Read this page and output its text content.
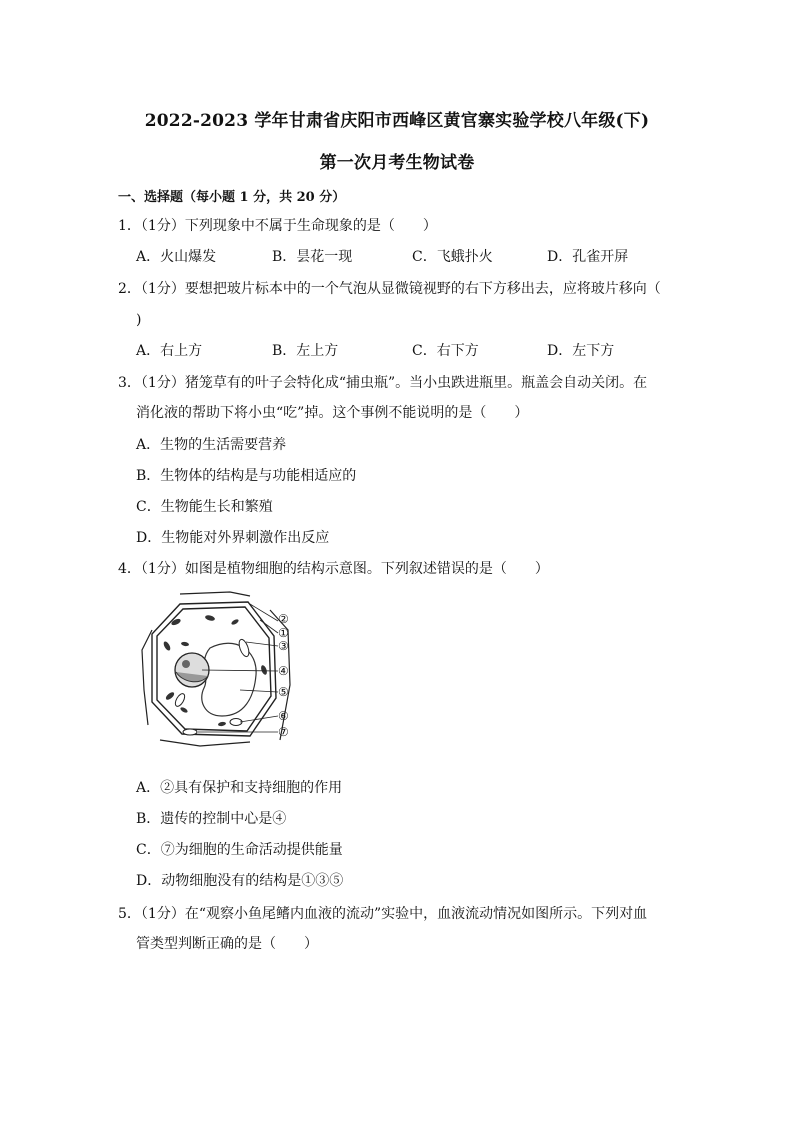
2022-2023 学年甘肃省庆阳市西峰区黄官寨实验学校八年级(下)
第一次月考生物试卷
一、选择题（每小题 1 分，共 20 分）
1．（1分）下列现象中不属于生命现象的是（　　）
A．火山爆发	B．昙花一现	C．飞蛾扑火	D．孔雀开屏
2．（1分）要想把玻片标本中的一个气泡从显微镜视野的右下方移出去，应将玻片移向（
)
A．右上方	B．左上方	C．右下方	D．左下方
3．（1分）猪笼草有的叶子会特化成“捕虫瓶”。当小虫跌进瓶里。瓶盖会自动关闭。在
消化液的帮助下将小虫“吃”掉。这个事例不能说明的是（　　）
A．生物的生活需要营养
B．生物体的结构是与功能相适应的
C．生物能生长和繁殖
D．生物能对外界刺激作出反应
4．（1分）如图是植物细胞的结构示意图。下列叙述错误的是（　　）
②
①
③
④
⑤
⑥
⑦
A．②具有保护和支持细胞的作用
B．遗传的控制中心是④
C．⑦为细胞的生命活动提供能量
D．动物细胞没有的结构是①③⑤
5．（1分）在“观察小鱼尾鳍内血液的流动”实验中，血液流动情况如图所示。下列对血
管类型判断正确的是（　　）
